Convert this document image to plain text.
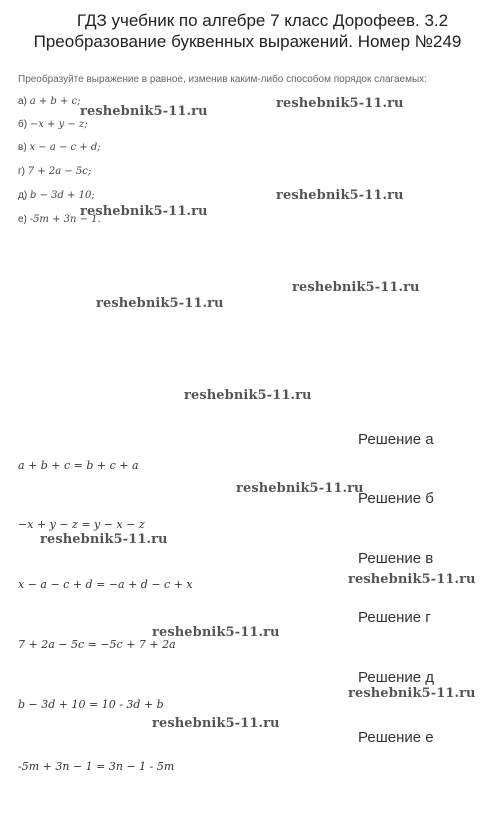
ГДЗ учебник по алгебре 7 класс Дорофеев. 3.2
Преобразование буквенных выражений. Номер №249
Преобразуйте выражение в равное, изменив каким-либо способом порядок слагаемых:
а) a + b + c;
б) −x + y − z;
в) x − a − c + d;
г) 7 + 2a − 5c;
д) b − 3d + 10;
е) -5m + 3n − 1.
reshebnik5-11.ru
reshebnik5-11.ru
reshebnik5-11.ru
reshebnik5-11.ru
reshebnik5-11.ru
reshebnik5-11.ru
reshebnik5-11.ru
reshebnik5-11.ru
reshebnik5-11.ru
reshebnik5-11.ru
reshebnik5-11.ru
reshebnik5-11.ru
reshebnik5-11.ru
Решение а
a + b + c = b + c + a
Решение б
−x + y − z = y − x − z
Решение в
x − a − c + d = −a + d − c + x
Решение г
7 + 2a − 5c = −5c + 7 + 2a
Решение д
b − 3d + 10 = 10 - 3d + b
Решение е
-5m + 3n − 1 = 3n − 1 - 5m
